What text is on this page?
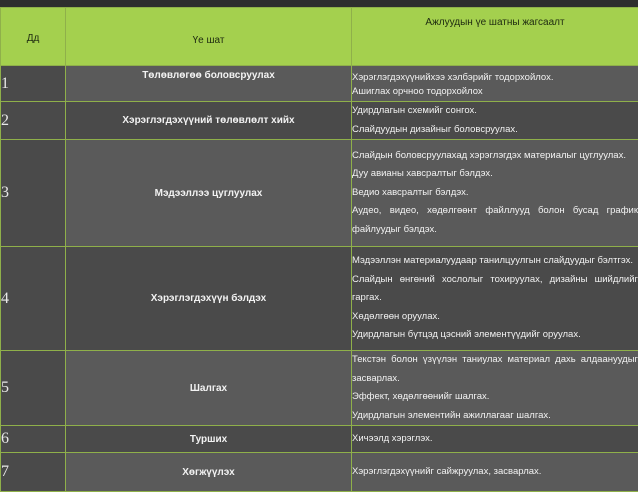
Дд	Үе шат	Ажлуудын үе шатны жагсаалт
1	Төлөвлөгөө боловсруулах	Хэрэглэгдэхүүнийхээ хэлбэрийг тодорхойлох.
Ашиглах орчноо тодорхойлох

2	Хэрэглэгдэхүүний төлөвлөлт хийх	Удирдлагын схемийг сонгох.
Слайдуудын дизайныг боловсруулах.

3	Мэдээллээ цуглуулах	Слайдын боловсруулахад хэрэглэгдэх материалыг цуглуулах.
Дуу авианы хавсралтыг бэлдэх.
Ведио хавсралтыг бэлдэх.
Аудео, видео, хөдөлгөөнт файллууд болон бусад график файлуудыг бэлдэх.

4	Хэрэглэгдэхүүн бэлдэх	Мэдээллэн материалуудаар танилцуулгын слайдуудыг бэлтгэх.
Слайдын өнгөний хослолыг тохируулах, дизайны шийдлийг гаргах.
Хөдөлгөөн оруулах.
Удирдлагын бүтцэд цэсний элементүүдийг оруулах.

5	Шалгах	Текстэн болон үзүүлэн таниулах материал дахь алдаануудыг засварлах.
Эффект, хөдөлгөөнийг шалгах.
Удирдлагын элементийн ажиллагааг шалгах.

6	Турших	Хичээлд хэрэглэх.

7	Хөгжүүлэх	Хэрэглэгдэхүүнийг сайжруулах, засварлах.
